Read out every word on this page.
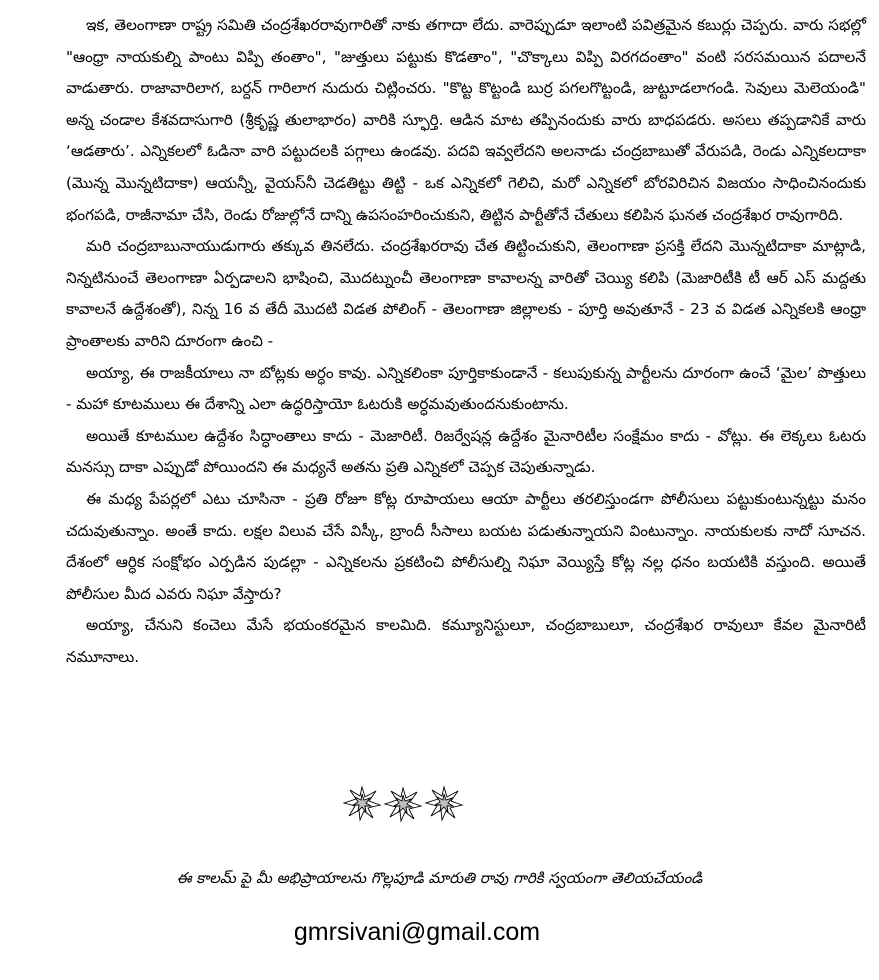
ఇక, తెలంగాణా రాష్ట్ర సమితి చంద్రశేఖరరావుగారితో నాకు తగాదా లేదు. వారెప్పుడూ ఇలాంటి పవిత్రమైన కబుర్లు చెప్పరు. వారు సభల్లో "ఆంధ్రా నాయకుల్ని పాంటు విప్పి తంతాం", "జుత్తులు పట్టుకు కొడతాం", "చొక్కాలు విప్పి విరగదంతాం" వంటి సరసమయిన పదాలనే వాడుతారు. రాజావారిలాగ, బర్దన్ గారిలాగ నుదురు చిట్లించరు. "కొట్ట కొట్టండి బుర్ర పగలగొట్టండి, జుట్టూడలాగండి. సెవులు మెలెయండి" అన్న చండాల కేశవదాసుగారి (శ్రీకృష్ణ తులాభారం) వారికి స్ఫూర్తి. ఆడిన మాట తప్పినందుకు వారు బాధపడరు. అసలు తప్పడానికే వారు ‘ఆడతారు’. ఎన్నికలలో ఓడినా వారి పట్టుదలకి పగ్గాలు ఉండవు. పదవి ఇవ్వలేదని అలనాడు చంద్రబాబుతో వేరుపడి, రెండు ఎన్నికలదాకా (మొన్న మొన్నటిదాకా) ఆయన్నీ, వైయస్‌నీ చెడతిట్టు తిట్టి - ఒక ఎన్నికలో గెలిచి, మరో ఎన్నికలో బోరవిరిచిన విజయం సాధించినందుకు భంగపడి, రాజీనామా చేసి, రెండు రోజుల్లోనే దాన్ని ఉపసంహరించుకుని, తిట్టిన పార్టీతోనే చేతులు కలిపిన ఘనత చంద్రశేఖర రావుగారిది.

మరి చంద్రబాబునాయుడుగారు తక్కువ తినలేదు. చంద్రశేఖరరావు చేత తిట్టించుకుని, తెలంగాణా ప్రసక్తి లేదని మొన్నటిదాకా మాట్లాడి, నిన్నటినుంచే తెలంగాణా ఏర్పడాలని భాషించి, మొదట్నుంచీ తెలంగాణా కావాలన్న వారితో చెయ్యి కలిపి (మెజారిటీకి టీ ఆర్ ఎస్ మద్దతు కావాలనే ఉద్దేశంతో), నిన్న 16 వ తేదీ మొదటి విడత పోలింగ్ - తెలంగాణా జిల్లాలకు - పూర్తి అవుతూనే - 23 వ విడత ఎన్నికలకి ఆంధ్రా ప్రాంతాలకు వారిని దూరంగా ఉంచి -

అయ్యా, ఈ రాజకీయాలు నా బోట్లకు అర్ధం కావు. ఎన్నికలింకా పూర్తికాకుండానే - కలుపుకున్న పార్టీలను దూరంగా ఉంచే ‘మైల’ పొత్తులు - మహా కూటములు ఈ దేశాన్ని ఎలా ఉద్ధరిస్తాయో ఓటరుకి అర్ధమవుతుందనుకుంటాను.

అయితే కూటముల ఉద్దేశం సిద్ధాంతాలు కాదు - మెజారిటీ. రిజర్వేషన్ల ఉద్దేశం మైనారిటీల సంక్షేమం కాదు - వోట్లు. ఈ లెక్కలు ఓటరు మనస్సు దాకా ఎప్పుడో పోయిందని ఈ మధ్యనే అతను ప్రతి ఎన్నికలో చెప్పక చెపుతున్నాడు.

ఈ మధ్య పేపర్లలో ఎటు చూసినా - ప్రతి రోజూ కోట్ల రూపాయలు ఆయా పార్టీలు తరలిస్తుండగా పోలీసులు పట్టుకుంటున్నట్టు మనం చదువుతున్నాం. అంతే కాదు. లక్షల విలువ చేసే విస్కీ, బ్రాందీ సీసాలు బయట పడుతున్నాయని వింటున్నాం. నాయకులకు నాదో సూచన. దేశంలో ఆర్ధిక సంక్షోభం ఎర్పడిన పుడల్లా - ఎన్నికలను ప్రకటించి పోలీసుల్ని నిఘా వెయ్యిస్తే కోట్ల నల్ల ధనం బయటికి వస్తుంది. అయితే పోలీసుల మీద ఎవరు నిఘా వేస్తారు?

అయ్యా, చేనుని కంచెలు మేసే భయంకరమైన కాలమిది. కమ్యూనిస్టులూ, చంద్రబాబులూ, చంద్రశేఖర రావులూ కేవల మైనారిటీ నమూనాలు.

ఈ కాలమ్ పై మీ అభిప్రాయాలను గొల్లపూడి మారుతి రావు గారికి స్వయంగా తెలియచేయండి
gmrsivani@gmail.com
